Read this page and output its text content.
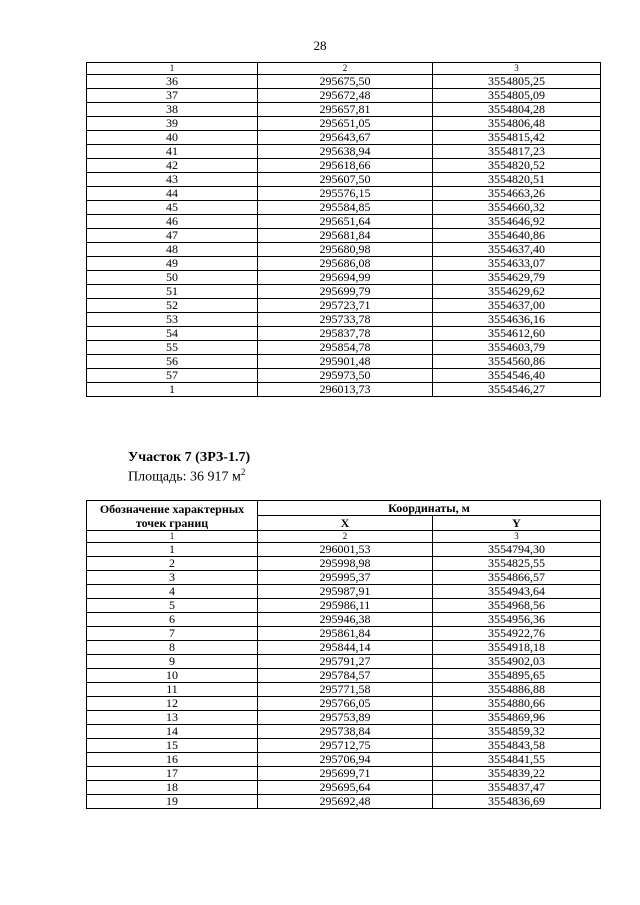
28
1	2	3
36	295675,50	3554805,25
37	295672,48	3554805,09
38	295657,81	3554804,28
39	295651,05	3554806,48
40	295643,67	3554815,42
41	295638,94	3554817,23
42	295618,66	3554820,52
43	295607,50	3554820,51
44	295576,15	3554663,26
45	295584,85	3554660,32
46	295651,64	3554646,92
47	295681,84	3554640,86
48	295680,98	3554637,40
49	295686,08	3554633,07
50	295694,99	3554629,79
51	295699,79	3554629,62
52	295723,71	3554637,00
53	295733,78	3554636,16
54	295837,78	3554612,60
55	295854,78	3554603,79
56	295901,48	3554560,86
57	295973,50	3554546,40
1	296013,73	3554546,27
Участок 7 (ЗРЗ-1.7)
Площадь: 36 917 $м^2$
Обозначение характерных точек границ	Координаты, м	
	X	Y
1	2	3
1	296001,53	3554794,30
2	295998,98	3554825,55
3	295995,37	3554866,57
4	295987,91	3554943,64
5	295986,11	3554968,56
6	295946,38	3554956,36
7	295861,84	3554922,76
8	295844,14	3554918,18
9	295791,27	3554902,03
10	295784,57	3554895,65
11	295771,58	3554886,88
12	295766,05	3554880,66
13	295753,89	3554869,96
14	295738,84	3554859,32
15	295712,75	3554843,58
16	295706,94	3554841,55
17	295699,71	3554839,22
18	295695,64	3554837,47
19	295692,48	3554836,69
